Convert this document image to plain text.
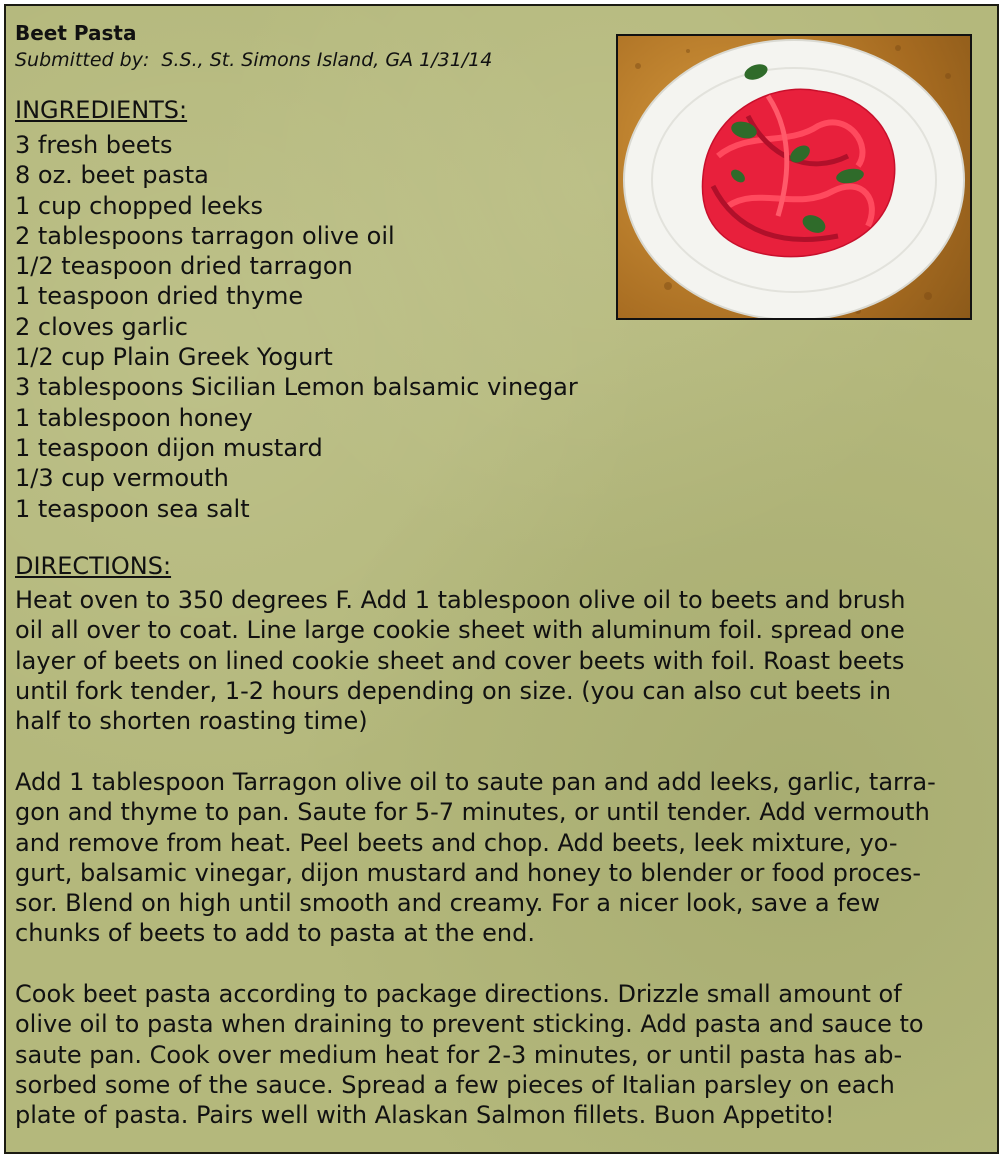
Beet Pasta
Submitted by:  S.S., St. Simons Island, GA 1/31/14
INGREDIENTS:
3 fresh beets
8 oz. beet pasta
1 cup chopped leeks
2 tablespoons tarragon olive oil
1/2 teaspoon dried tarragon
1 teaspoon dried thyme
2 cloves garlic
1/2 cup Plain Greek Yogurt
3 tablespoons Sicilian Lemon balsamic vinegar
1 tablespoon honey
1 teaspoon dijon mustard
1/3 cup vermouth
1 teaspoon sea salt
DIRECTIONS:

Heat oven to 350 degrees F. Add 1 tablespoon olive oil to beets and brush
oil all over to coat. Line large cookie sheet with aluminum foil. spread one
layer of beets on lined cookie sheet and cover beets with foil. Roast beets
until fork tender, 1-2 hours depending on size. (you can also cut beets in
half to shorten roasting time)

Add 1 tablespoon Tarragon olive oil to saute pan and add leeks, garlic, tarra-
gon and thyme to pan. Saute for 5-7 minutes, or until tender. Add vermouth
and remove from heat. Peel beets and chop. Add beets, leek mixture, yo-
gurt, balsamic vinegar, dijon mustard and honey to blender or food proces-
sor. Blend on high until smooth and creamy. For a nicer look, save a few
chunks of beets to add to pasta at the end.

Cook beet pasta according to package directions. Drizzle small amount of
olive oil to pasta when draining to prevent sticking. Add pasta and sauce to
saute pan. Cook over medium heat for 2-3 minutes, or until pasta has ab-
sorbed some of the sauce. Spread a few pieces of Italian parsley on each
plate of pasta. Pairs well with Alaskan Salmon fillets. Buon Appetito!
